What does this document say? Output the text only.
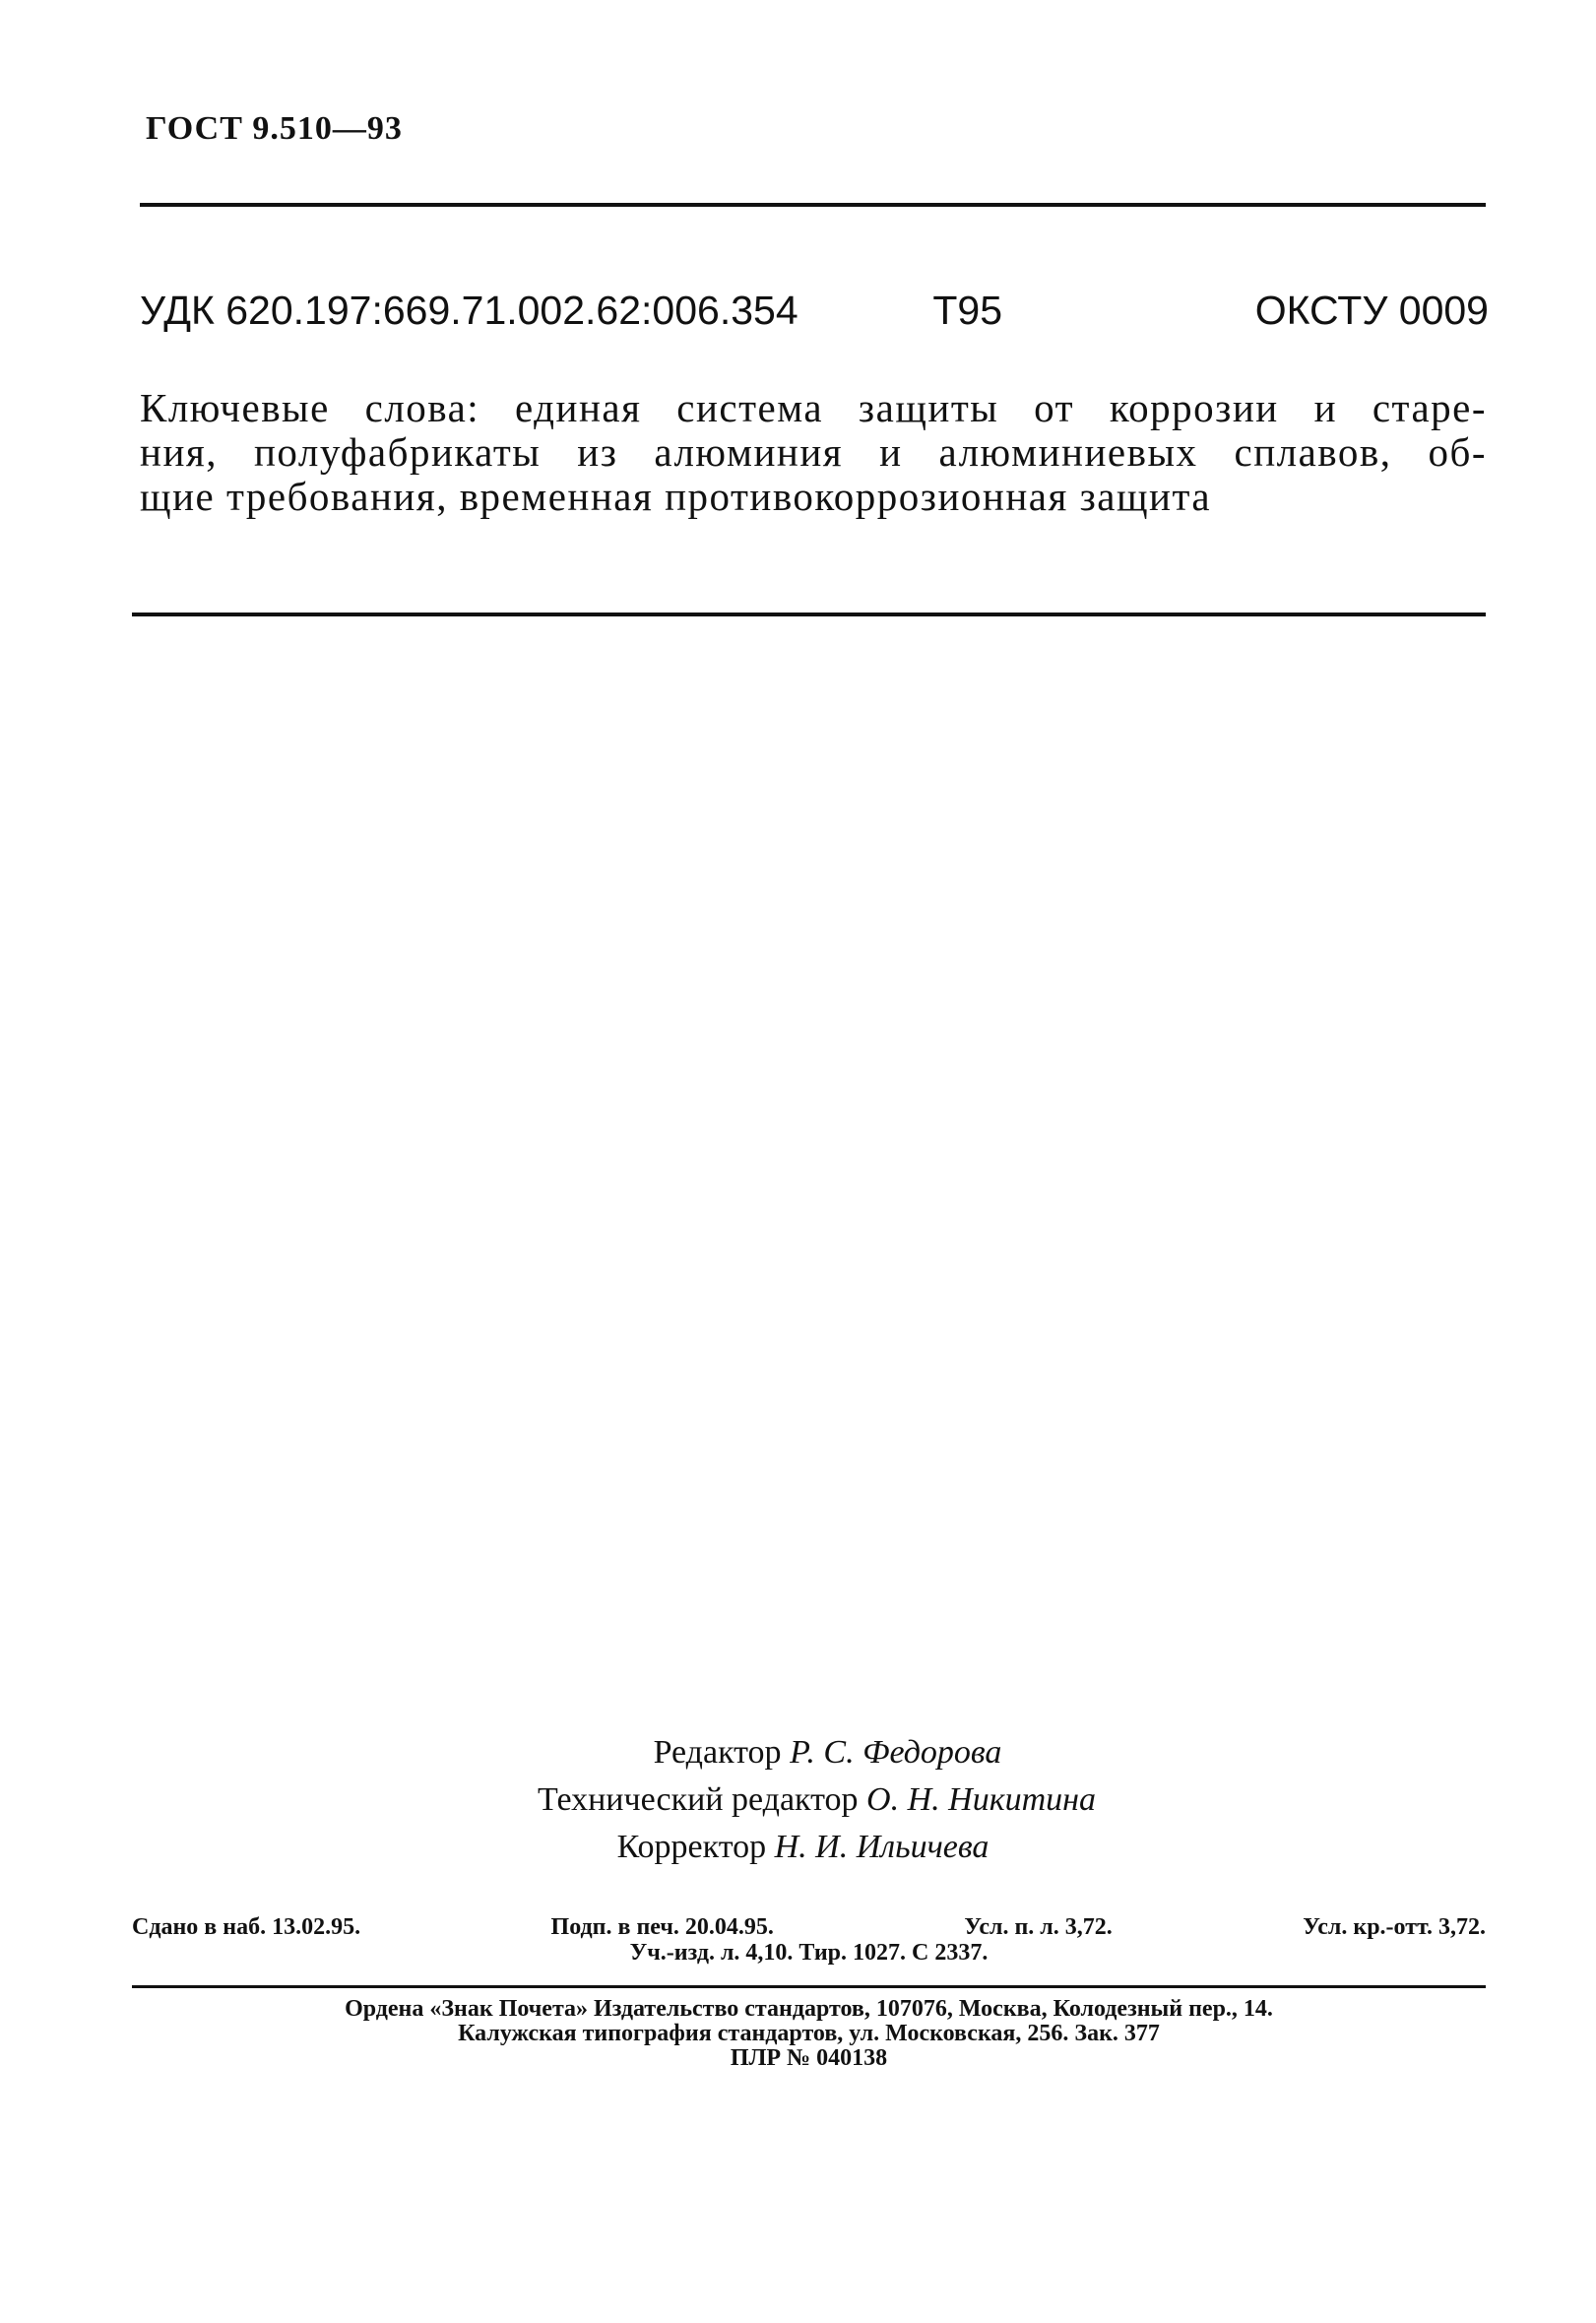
ГОСТ 9.510—93
УДК 620.197:669.71.002.62:006.354	Т95	ОКСТУ 0009
Ключевые слова: единая система защиты от коррозии и старе-
ния, полуфабрикаты из алюминия и алюминиевых сплавов, об-
щие требования, временная противокоррозионная защита
Редактор Р. С. Федорова
Технический редактор О. Н. Никитина
Корректор Н. И. Ильичева
Сдано в наб. 13.02.95.	Подп. в печ. 20.04.95.	Усл. п. л. 3,72.	Усл. кр.-отт. 3,72.
Уч.-изд. л. 4,10. Тир. 1027. С 2337.
Ордена «Знак Почета» Издательство стандартов, 107076, Москва, Колодезный пер., 14.
Калужская типография стандартов, ул. Московская, 256. Зак. 377
ПЛР № 040138
